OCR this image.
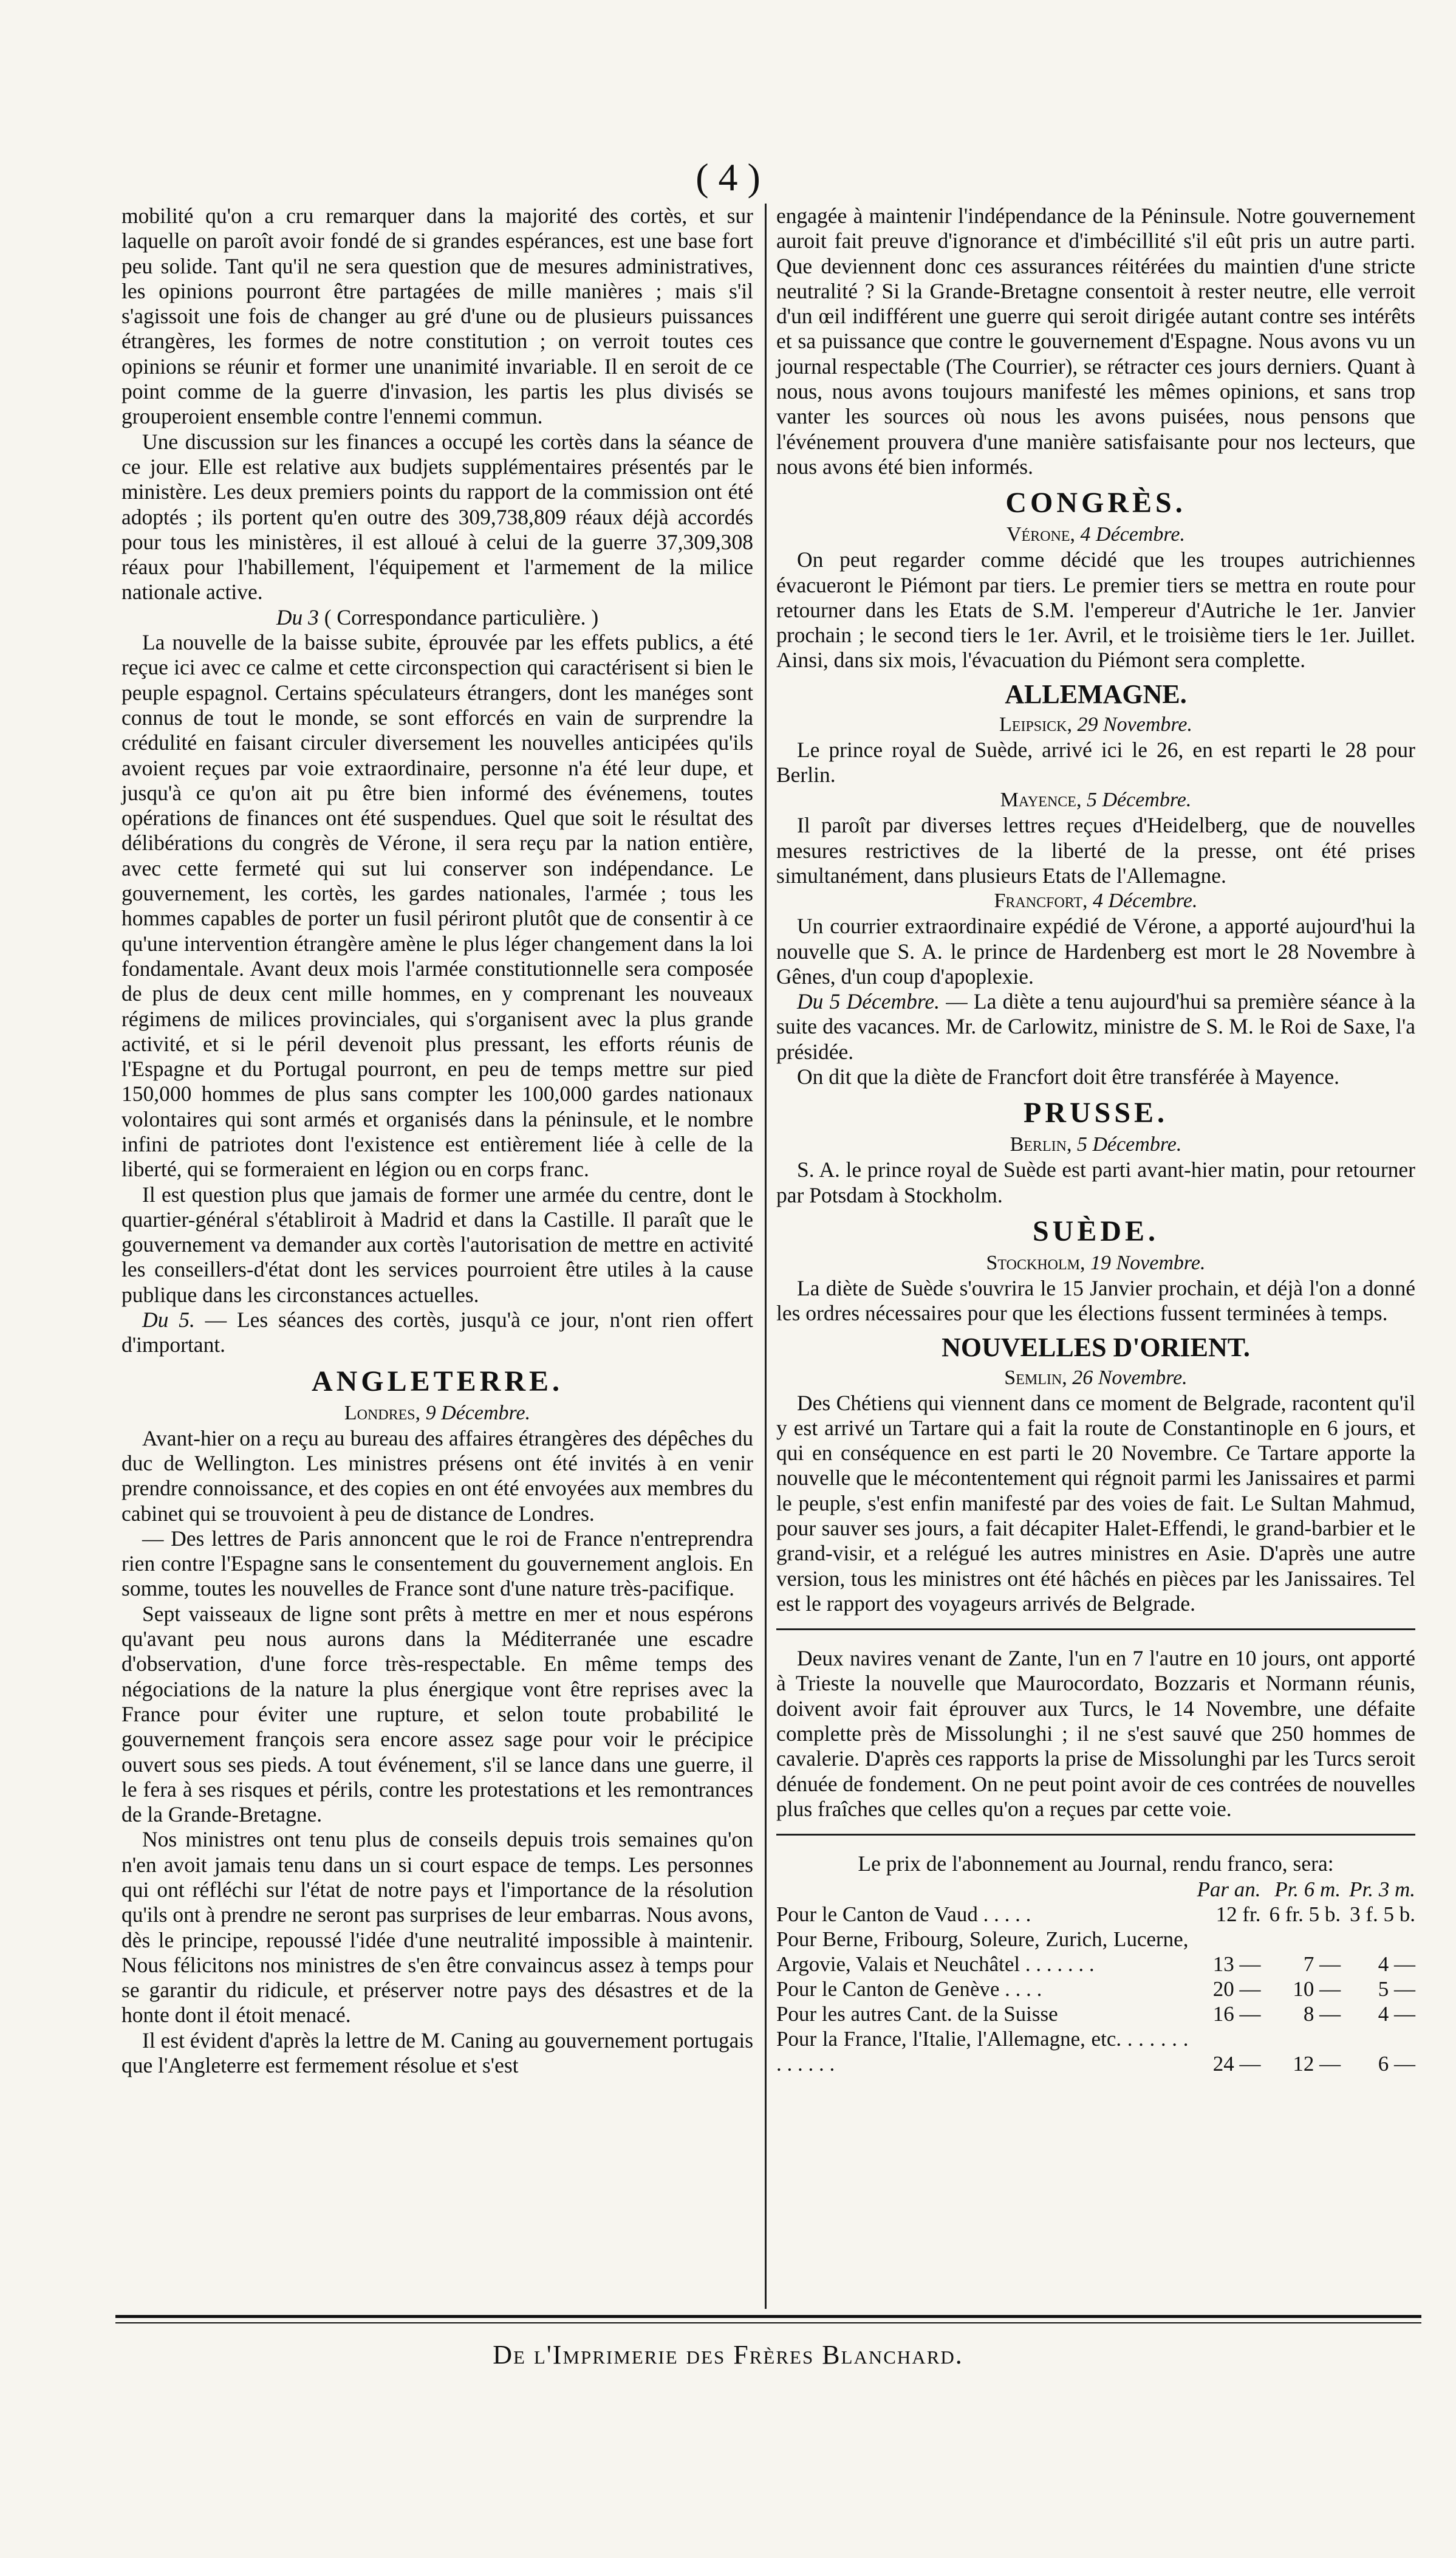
( 4 )

mobilité qu'on a cru remarquer dans la majorité des cortès, et sur laquelle on paroît avoir fondé de si grandes espérances, est une base fort peu solide. Tant qu'il ne sera question que de mesures administratives, les opinions pourront être partagées de mille manières ; mais s'il s'agissoit une fois de changer au gré d'une ou de plusieurs puissances étrangères, les formes de notre constitution ; on verroit toutes ces opinions se réunir et former une unanimité invariable. Il en seroit de ce point comme de la guerre d'invasion, les partis les plus divisés se grouperoient ensemble contre l'ennemi commun.

Une discussion sur les finances a occupé les cortès dans la séance de ce jour. Elle est relative aux budjets supplémentaires présentés par le ministère. Les deux premiers points du rapport de la commission ont été adoptés ; ils portent qu'en outre des 309,738,809 réaux déjà accordés pour tous les ministères, il est alloué à celui de la guerre 37,309,308 réaux pour l'habillement, l'équipement et l'armement de la milice nationale active.

Du 3 ( Correspondance particulière. )

La nouvelle de la baisse subite, éprouvée par les effets publics, a été reçue ici avec ce calme et cette circonspection qui caractérisent si bien le peuple espagnol. Certains spéculateurs étrangers, dont les manéges sont connus de tout le monde, se sont efforcés en vain de surprendre la crédulité en faisant circuler diversement les nouvelles anticipées qu'ils avoient reçues par voie extraordinaire, personne n'a été leur dupe, et jusqu'à ce qu'on ait pu être bien informé des événemens, toutes opérations de finances ont été suspendues. Quel que soit le résultat des délibérations du congrès de Vérone, il sera reçu par la nation entière, avec cette fermeté qui sut lui conserver son indépendance. Le gouvernement, les cortès, les gardes nationales, l'armée ; tous les hommes capables de porter un fusil périront plutôt que de consentir à ce qu'une intervention étrangère amène le plus léger changement dans la loi fondamentale. Avant deux mois l'armée constitutionnelle sera composée de plus de deux cent mille hommes, en y comprenant les nouveaux régimens de milices provinciales, qui s'organisent avec la plus grande activité, et si le péril devenoit plus pressant, les efforts réunis de l'Espagne et du Portugal pourront, en peu de temps mettre sur pied 150,000 hommes de plus sans compter les 100,000 gardes nationaux volontaires qui sont armés et organisés dans la péninsule, et le nombre infini de patriotes dont l'existence est entièrement liée à celle de la liberté, qui se formeraient en légion ou en corps franc.

Il est question plus que jamais de former une armée du centre, dont le quartier-général s'établiroit à Madrid et dans la Castille. Il paraît que le gouvernement va demander aux cortès l'autorisation de mettre en activité les conseillers-d'état dont les services pourroient être utiles à la cause publique dans les circonstances actuelles.

Du 5. — Les séances des cortès, jusqu'à ce jour, n'ont rien offert d'important.

ANGLETERRE.
Londres, 9 Décembre.

Avant-hier on a reçu au bureau des affaires étrangères des dépêches du duc de Wellington. Les ministres présens ont été invités à en venir prendre connoissance, et des copies en ont été envoyées aux membres du cabinet qui se trouvoient à peu de distance de Londres.

— Des lettres de Paris annoncent que le roi de France n'entreprendra rien contre l'Espagne sans le consentement du gouvernement anglois. En somme, toutes les nouvelles de France sont d'une nature très-pacifique.

Sept vaisseaux de ligne sont prêts à mettre en mer et nous espérons qu'avant peu nous aurons dans la Méditerranée une escadre d'observation, d'une force très-respectable. En même temps des négociations de la nature la plus énergique vont être reprises avec la France pour éviter une rupture, et selon toute probabilité le gouvernement françois sera encore assez sage pour voir le précipice ouvert sous ses pieds. A tout événement, s'il se lance dans une guerre, il le fera à ses risques et périls, contre les protestations et les remontrances de la Grande-Bretagne.

Nos ministres ont tenu plus de conseils depuis trois semaines qu'on n'en avoit jamais tenu dans un si court espace de temps. Les personnes qui ont réfléchi sur l'état de notre pays et l'importance de la résolution qu'ils ont à prendre ne seront pas surprises de leur embarras. Nous avons, dès le principe, repoussé l'idée d'une neutralité impossible à maintenir. Nous félicitons nos ministres de s'en être convaincus assez à temps pour se garantir du ridicule, et préserver notre pays des désastres et de la honte dont il étoit menacé.

Il est évident d'après la lettre de M. Caning au gouvernement portugais que l'Angleterre est fermement résolue et s'est

engagée à maintenir l'indépendance de la Péninsule. Notre gouvernement auroit fait preuve d'ignorance et d'imbécillité s'il eût pris un autre parti. Que deviennent donc ces assurances réitérées du maintien d'une stricte neutralité ? Si la Grande-Bretagne consentoit à rester neutre, elle verroit d'un œil indifférent une guerre qui seroit dirigée autant contre ses intérêts et sa puissance que contre le gouvernement d'Espagne. Nous avons vu un journal respectable (The Courrier), se rétracter ces jours derniers. Quant à nous, nous avons toujours manifesté les mêmes opinions, et sans trop vanter les sources où nous les avons puisées, nous pensons que l'événement prouvera d'une manière satisfaisante pour nos lecteurs, que nous avons été bien informés.

CONGRÈS.
Vérone, 4 Décembre.

On peut regarder comme décidé que les troupes autrichiennes évacueront le Piémont par tiers. Le premier tiers se mettra en route pour retourner dans les Etats de S.M. l'empereur d'Autriche le 1er. Janvier prochain ; le second tiers le 1er. Avril, et le troisième tiers le 1er. Juillet. Ainsi, dans six mois, l'évacuation du Piémont sera complette.

ALLEMAGNE.
Leipsick, 29 Novembre.

Le prince royal de Suède, arrivé ici le 26, en est reparti le 28 pour Berlin.

Mayence, 5 Décembre.

Il paroît par diverses lettres reçues d'Heidelberg, que de nouvelles mesures restrictives de la liberté de la presse, ont été prises simultanément, dans plusieurs Etats de l'Allemagne.

Francfort, 4 Décembre.

Un courrier extraordinaire expédié de Vérone, a apporté aujourd'hui la nouvelle que S. A. le prince de Hardenberg est mort le 28 Novembre à Gênes, d'un coup d'apoplexie.

Du 5 Décembre. — La diète a tenu aujourd'hui sa première séance à la suite des vacances. Mr. de Carlowitz, ministre de S. M. le Roi de Saxe, l'a présidée.

On dit que la diète de Francfort doit être transférée à Mayence.

PRUSSE.
Berlin, 5 Décembre.

S. A. le prince royal de Suède est parti avant-hier matin, pour retourner par Potsdam à Stockholm.

SUÈDE.
Stockholm, 19 Novembre.

La diète de Suède s'ouvrira le 15 Janvier prochain, et déjà l'on a donné les ordres nécessaires pour que les élections fussent terminées à temps.

NOUVELLES D'ORIENT.
Semlin, 26 Novembre.

Des Chétiens qui viennent dans ce moment de Belgrade, racontent qu'il y est arrivé un Tartare qui a fait la route de Constantinople en 6 jours, et qui en conséquence en est parti le 20 Novembre. Ce Tartare apporte la nouvelle que le mécontentement qui régnoit parmi les Janissaires et parmi le peuple, s'est enfin manifesté par des voies de fait. Le Sultan Mahmud, pour sauver ses jours, a fait décapiter Halet-Effendi, le grand-barbier et le grand-visir, et a relégué les autres ministres en Asie. D'après une autre version, tous les ministres ont été hâchés en pièces par les Janissaires. Tel est le rapport des voyageurs arrivés de Belgrade.

Deux navires venant de Zante, l'un en 7 l'autre en 10 jours, ont apporté à Trieste la nouvelle que Maurocordato, Bozzaris et Normann réunis, doivent avoir fait éprouver aux Turcs, le 14 Novembre, une défaite complette près de Missolunghi ; il ne s'est sauvé que 250 hommes de cavalerie. D'après ces rapports la prise de Missolunghi par les Turcs seroit dénuée de fondement. On ne peut point avoir de ces contrées de nouvelles plus fraîches que celles qu'on a reçues par cette voie.

Le prix de l'abonnement au Journal, rendu franco, sera:

	Par an.	Pr. 6 m.	Pr. 3 m.
Pour le Canton de Vaud . . . . .	12 fr.	6 fr. 5 b.	3 f. 5 b.
Pour Berne, Fribourg, Soleure, Zurich, Lucerne, Argovie, Valais et Neuchâtel . . . . . . .	13 —	7 —	4 —
Pour le Canton de Genève . . . .	20 —	10 —	5 —
Pour les autres Cant. de la Suisse	16 —	8 —	4 —
Pour la France, l'Italie, l'Allemagne, etc. . . . . . . . . . . . .	24 —	12 —	6 —
De l'Imprimerie des Frères Blanchard.
